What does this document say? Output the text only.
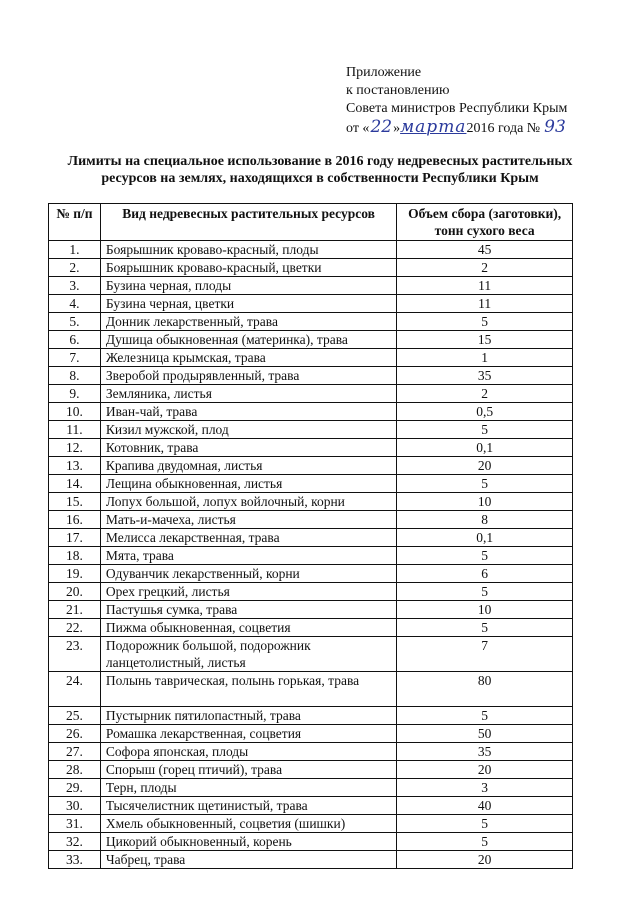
Приложение
к постановлению
Совета министров Республики Крым
от «22»марта2016 года № 93
Лимиты на специальное использование в 2016 году недревесных растительных ресурсов на землях, находящихся в собственности Республики Крым
№ п/п	Вид недревесных растительных ресурсов	Объем сбора (заготовки), тонн сухого веса
1.	Боярышник кроваво-красный, плоды	45
2.	Боярышник кроваво-красный, цветки	2
3.	Бузина черная, плоды	11
4.	Бузина черная, цветки	11
5.	Донник лекарственный, трава	5
6.	Душица обыкновенная (материнка), трава	15
7.	Железница крымская, трава	1
8.	Зверобой продырявленный, трава	35
9.	Земляника, листья	2
10.	Иван-чай, трава	0,5
11.	Кизил мужской, плод	5
12.	Котовник, трава	0,1
13.	Крапива двудомная, листья	20
14.	Лещина обыкновенная, листья	5
15.	Лопух большой, лопух войлочный, корни	10
16.	Мать-и-мачеха, листья	8
17.	Мелисса лекарственная, трава	0,1
18.	Мята, трава	5
19.	Одуванчик лекарственный, корни	6
20.	Орех грецкий, листья	5
21.	Пастушья сумка, трава	10
22.	Пижма обыкновенная, соцветия	5
23.	Подорожник большой, подорожник ланцетолистный, листья	7
24.	Полынь таврическая, полынь горькая, трава	80
25.	Пустырник пятилопастный, трава	5
26.	Ромашка лекарственная, соцветия	50
27.	Софора японская, плоды	35
28.	Спорыш (горец птичий), трава	20
29.	Терн, плоды	3
30.	Тысячелистник щетинистый, трава	40
31.	Хмель обыкновенный, соцветия (шишки)	5
32.	Цикорий обыкновенный, корень	5
33.	Чабрец, трава	20
